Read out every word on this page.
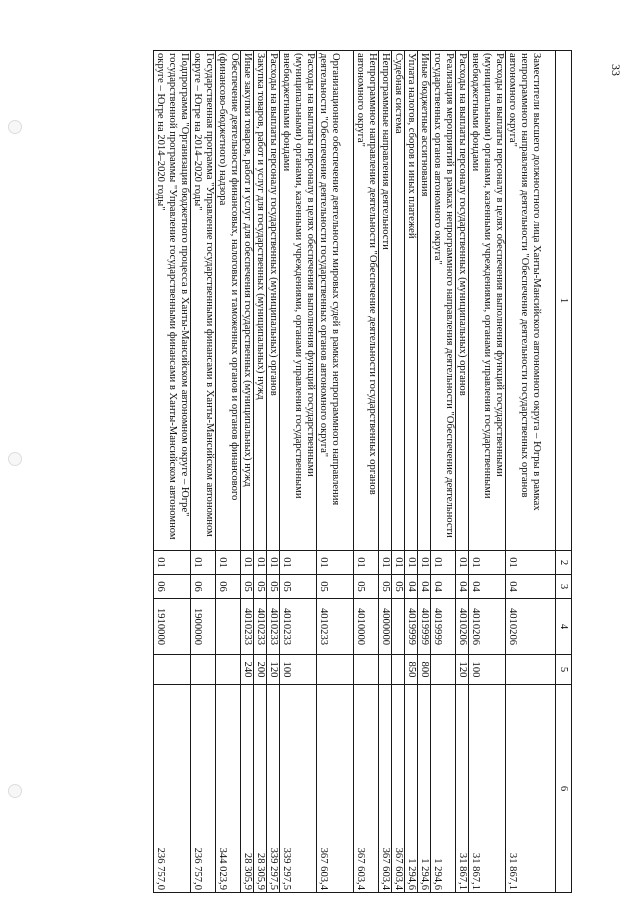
33
1	2	3	4	5	6
Заместители высшего должностного лица Ханты-Мансийского автономного округа – Югры в рамках непрограммного направления деятельности "Обеспечение деятельности государственных органов автономного округа"	01	04	4010206		31 867,1
Расходы на выплаты персоналу в целях обеспечения выполнения функций государственными (муниципальными) органами, казенными учреждениями, органами управления государственными внебюджетными фондами	01	04	4010206	100	31 867,1
Расходы на выплаты персоналу государственных (муниципальных) органов	01	04	4010206	120	31 867,1
Реализация мероприятий в рамках непрограммного направления деятельности "Обеспечение деятельности государственных органов автономного округа"	01	04	4019999		1 294,6
Иные бюджетные ассигнования	01	04	4019999	800	1 294,6
Уплата налогов, сборов и иных платежей	01	04	4019999	850	1 294,6
Судебная система	01	05			367 603,4
Непрограммные направления деятельности	01	05	4000000		367 603,4
Непрограммное направление деятельности "Обеспечение деятельности государственных органов автономного округа"	01	05	4010000		367 603,4
Организационное обеспечение деятельности мировых судей в рамках непрограммного направления деятельности "Обеспечение деятельности государственных органов автономного округа"	01	05	4010233		367 603,4
Расходы на выплаты персоналу в целях обеспечения выполнения функций государственными (муниципальными) органами, казенными учреждениями, органами управления государственными внебюджетными фондами	01	05	4010233	100	339 297,5
Расходы на выплаты персоналу государственных (муниципальных) органов	01	05	4010233	120	339 297,5
Закупка товаров, работ и услуг для государственных (муниципальных) нужд	01	05	4010233	200	28 305,9
Иные закупки товаров, работ и услуг для обеспечения государственных (муниципальных) нужд	01	05	4010233	240	28 305,9
Обеспечение деятельности финансовых, налоговых и таможенных органов и органов финансового (финансово-бюджетного) надзора	01	06			344 023,9
Государственная программа "Управление государственными финансами в Ханты-Мансийском автономном округе – Югре на 2014–2020 годы"	01	06	1900000		236 757,0
Подпрограмма "Организация бюджетного процесса в Ханты-Мансийском автономном округе – Югре" государственной программы "Управление государственными финансами в Ханты-Мансийском автономном округе – Югре на 2014–2020 годы"	01	06	1910000		236 757,0
